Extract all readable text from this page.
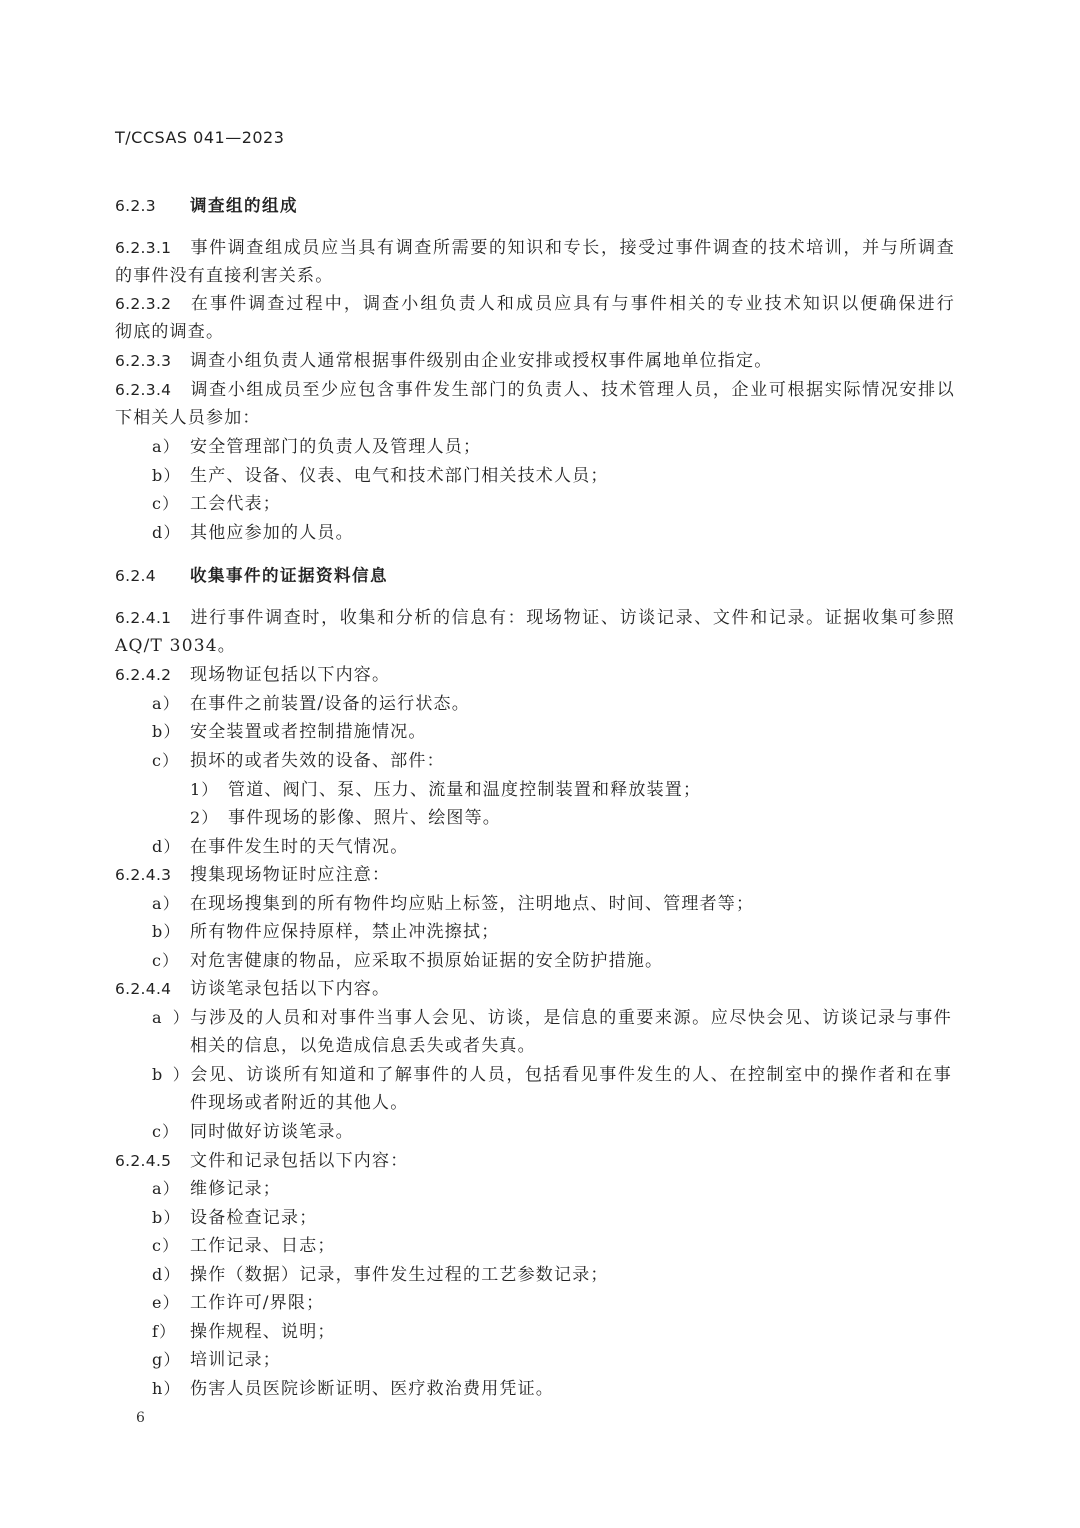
T/CCSAS 041—2023
6.2.3 调查组的组成
6.2.3.1 事件调查组成员应当具有调查所需要的知识和专长，接受过事件调查的技术培训，并与所调查
的事件没有直接利害关系。
6.2.3.2 在事件调查过程中，调查小组负责人和成员应具有与事件相关的专业技术知识以便确保进行
彻底的调查。
6.2.3.3 调查小组负责人通常根据事件级别由企业安排或授权事件属地单位指定。
6.2.3.4 调查小组成员至少应包含事件发生部门的负责人、技术管理人员，企业可根据实际情况安排以
下相关人员参加：
a） 安全管理部门的负责人及管理人员；
b） 生产、设备、仪表、电气和技术部门相关技术人员；
c） 工会代表；
d） 其他应参加的人员。
6.2.4 收集事件的证据资料信息
6.2.4.1 进行事件调查时，收集和分析的信息有：现场物证、访谈记录、文件和记录。证据收集可参照
AQ/T 3034。
6.2.4.2 现场物证包括以下内容。
a） 在事件之前装置/设备的运行状态。
b） 安全装置或者控制措施情况。
c） 损坏的或者失效的设备、部件：
1） 管道、阀门、泵、压力、流量和温度控制装置和释放装置；
2） 事件现场的影像、照片、绘图等。
d） 在事件发生时的天气情况。
6.2.4.3 搜集现场物证时应注意：
a） 在现场搜集到的所有物件均应贴上标签，注明地点、时间、管理者等；
b） 所有物件应保持原样，禁止冲洗擦拭；
c） 对危害健康的物品，应采取不损原始证据的安全防护措施。
6.2.4.4 访谈笔录包括以下内容。
a）与涉及的人员和对事件当事人会见、访谈，是信息的重要来源。应尽快会见、访谈记录与事件
相关的信息，以免造成信息丢失或者失真。
b）会见、访谈所有知道和了解事件的人员，包括看见事件发生的人、在控制室中的操作者和在事
件现场或者附近的其他人。
c） 同时做好访谈笔录。
6.2.4.5 文件和记录包括以下内容：
a） 维修记录；
b） 设备检查记录；
c） 工作记录、日志；
d） 操作（数据）记录，事件发生过程的工艺参数记录；
e） 工作许可/界限；
f） 操作规程、说明；
g） 培训记录；
h） 伤害人员医院诊断证明、医疗救治费用凭证。
6
